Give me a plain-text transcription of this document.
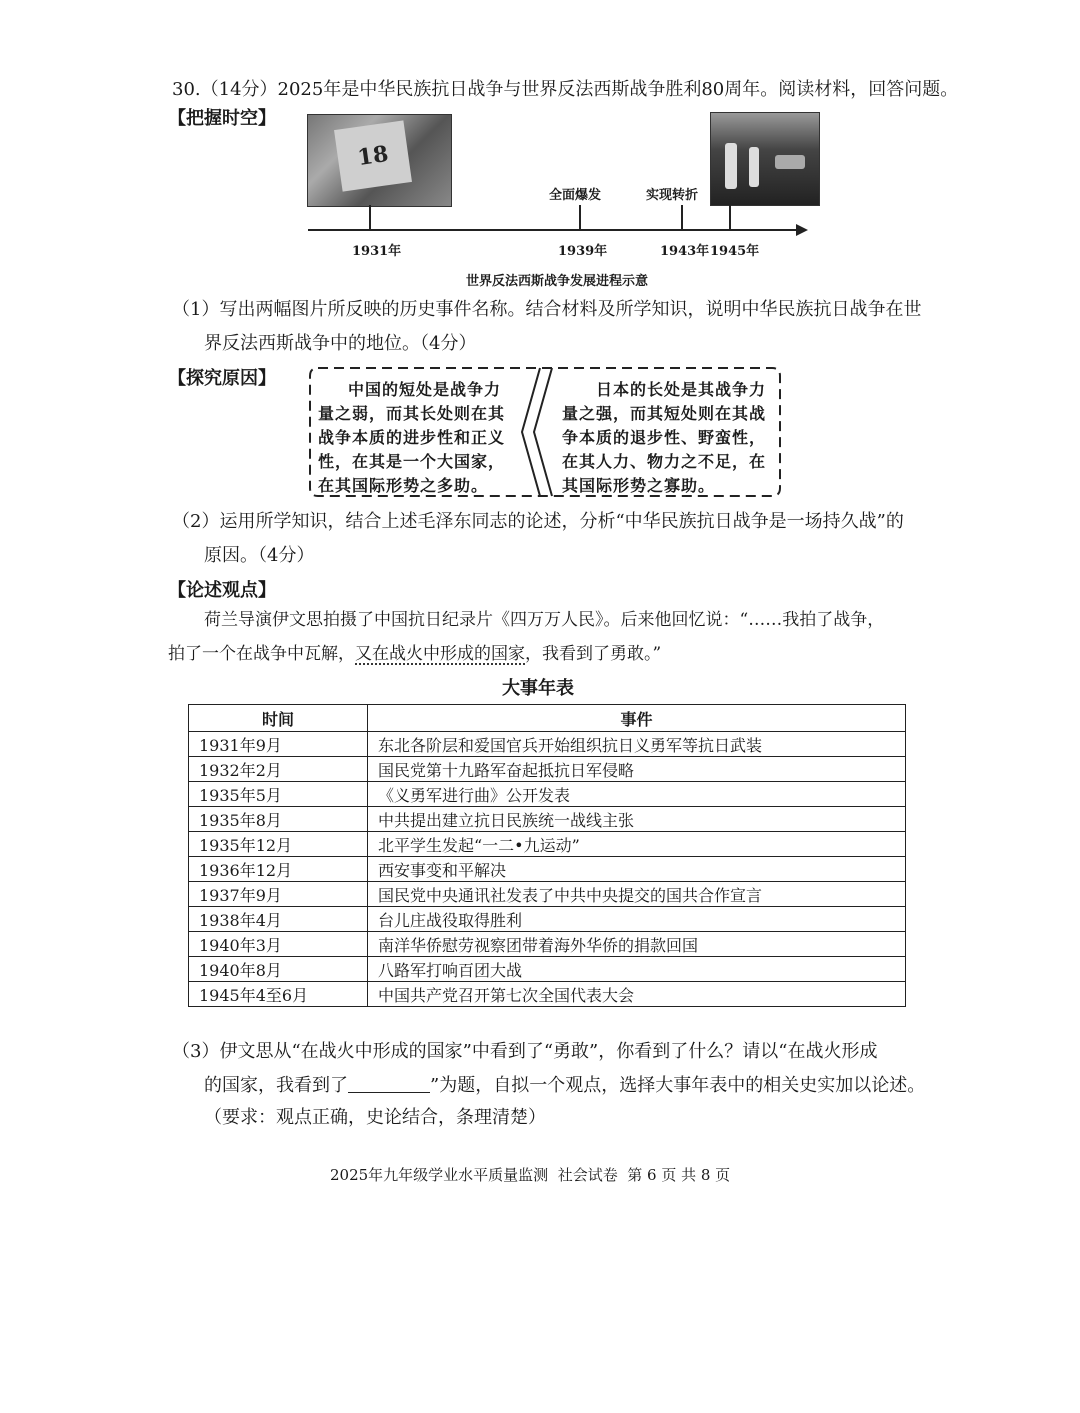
30.（14分）2025年是中华民族抗日战争与世界反法西斯战争胜利80周年。阅读材料，回答问题。
【把握时空】
18
全面爆发	实现转折
1931年	1939年	1943年 1945年
世界反法西斯战争发展进程示意
（1）写出两幅图片所反映的历史事件名称。结合材料及所学知识，说明中华民族抗日战争在世
界反法西斯战争中的地位。（4分）
【探究原因】
中国的短处是战争力
量之弱，而其长处则在其
战争本质的进步性和正义
性，在其是一个大国家，
在其国际形势之多助。
日本的长处是其战争力
量之强，而其短处则在其战
争本质的退步性、野蛮性，
在其人力、物力之不足，在
其国际形势之寡助。
（2）运用所学知识，结合上述毛泽东同志的论述，分析“中华民族抗日战争是一场持久战”的
原因。（4分）
【论述观点】
荷兰导演伊文思拍摄了中国抗日纪录片《四万万人民》。后来他回忆说：“……我拍了战争，
拍了一个在战争中瓦解，又在战火中形成的国家，我看到了勇敢。”
大事年表
时间	事件
1931年9月	东北各阶层和爱国官兵开始组织抗日义勇军等抗日武装
1932年2月	国民党第十九路军奋起抵抗日军侵略
1935年5月	《义勇军进行曲》公开发表
1935年8月	中共提出建立抗日民族统一战线主张
1935年12月	北平学生发起“一二•九运动”
1936年12月	西安事变和平解决
1937年9月	国民党中央通讯社发表了中共中央提交的国共合作宣言
1938年4月	台儿庄战役取得胜利
1940年3月	南洋华侨慰劳视察团带着海外华侨的捐款回国
1940年8月	八路军打响百团大战
1945年4至6月	中国共产党召开第七次全国代表大会
（3）伊文思从“在战火中形成的国家”中看到了“勇敢”，你看到了什么？请以“在战火形成
的国家，我看到了	”为题，自拟一个观点，选择大事年表中的相关史实加以论述。
（要求：观点正确，史论结合，条理清楚）
2025年九年级学业水平质量监测  社会试卷  第 6 页 共 8 页
